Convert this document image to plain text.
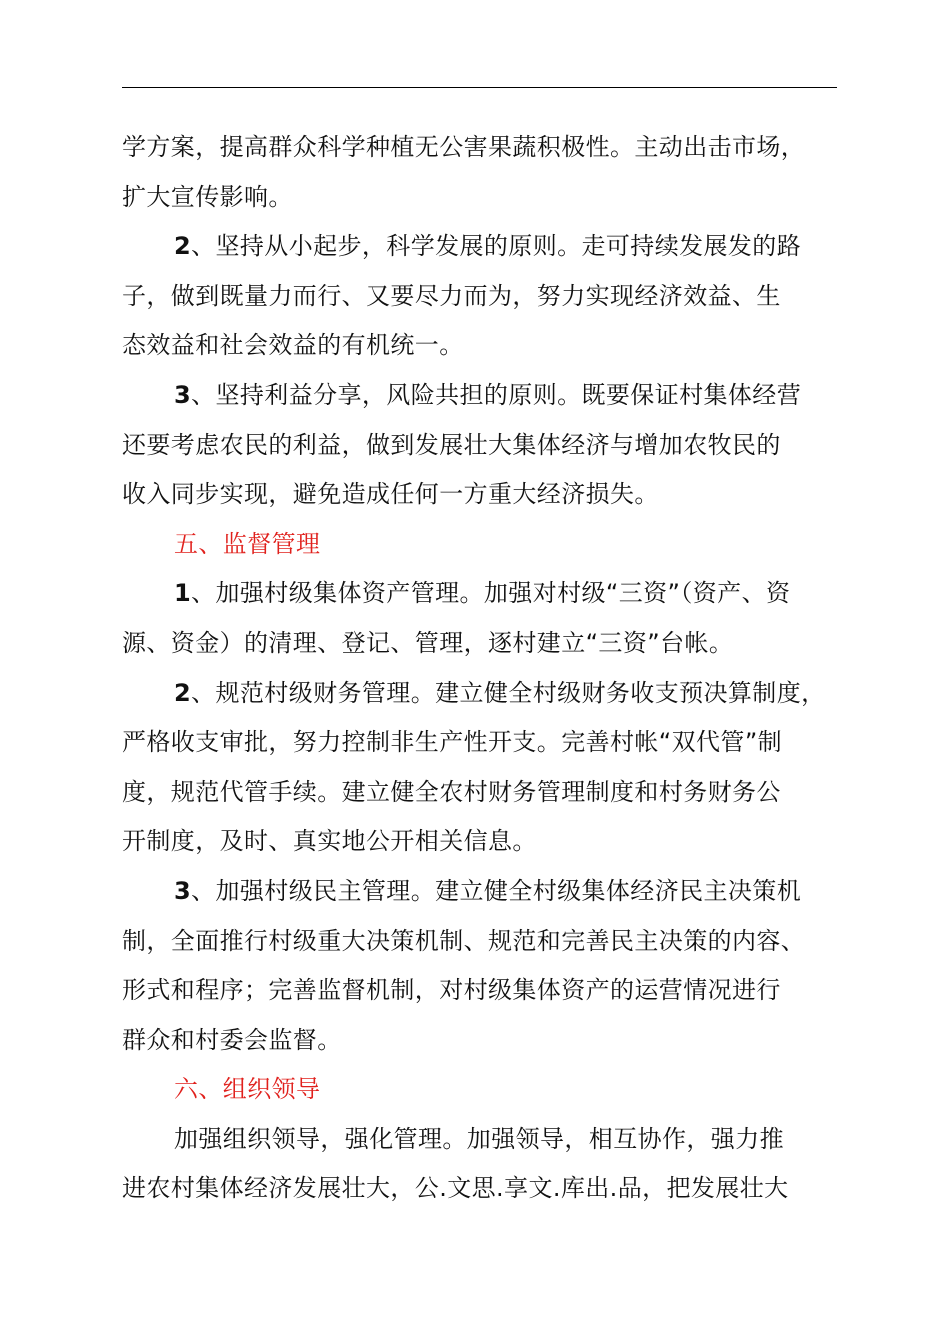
学方案，提高群众科学种植无公害果蔬积极性。主动出击市场，
扩大宣传影响。
2、坚持从小起步，科学发展的原则。走可持续发展发的路
子，做到既量力而行、又要尽力而为，努力实现经济效益、生
态效益和社会效益的有机统一。
3、坚持利益分享，风险共担的原则。既要保证村集体经营
还要考虑农民的利益，做到发展壮大集体经济与增加农牧民的
收入同步实现，避免造成任何一方重大经济损失。
五、监督管理
1、加强村级集体资产管理。加强对村级“三资”（资产、资
源、资金）的清理、登记、管理，逐村建立“三资”台帐。
2、规范村级财务管理。建立健全村级财务收支预决算制度，
严格收支审批，努力控制非生产性开支。完善村帐“双代管”制
度，规范代管手续。建立健全农村财务管理制度和村务财务公
开制度，及时、真实地公开相关信息。
3、加强村级民主管理。建立健全村级集体经济民主决策机
制，全面推行村级重大决策机制、规范和完善民主决策的内容、
形式和程序；完善监督机制，对村级集体资产的运营情况进行
群众和村委会监督。
六、组织领导
加强组织领导，强化管理。加强领导，相互协作，强力推
进农村集体经济发展壮大，公.文思.享文.库出.品，把发展壮大
